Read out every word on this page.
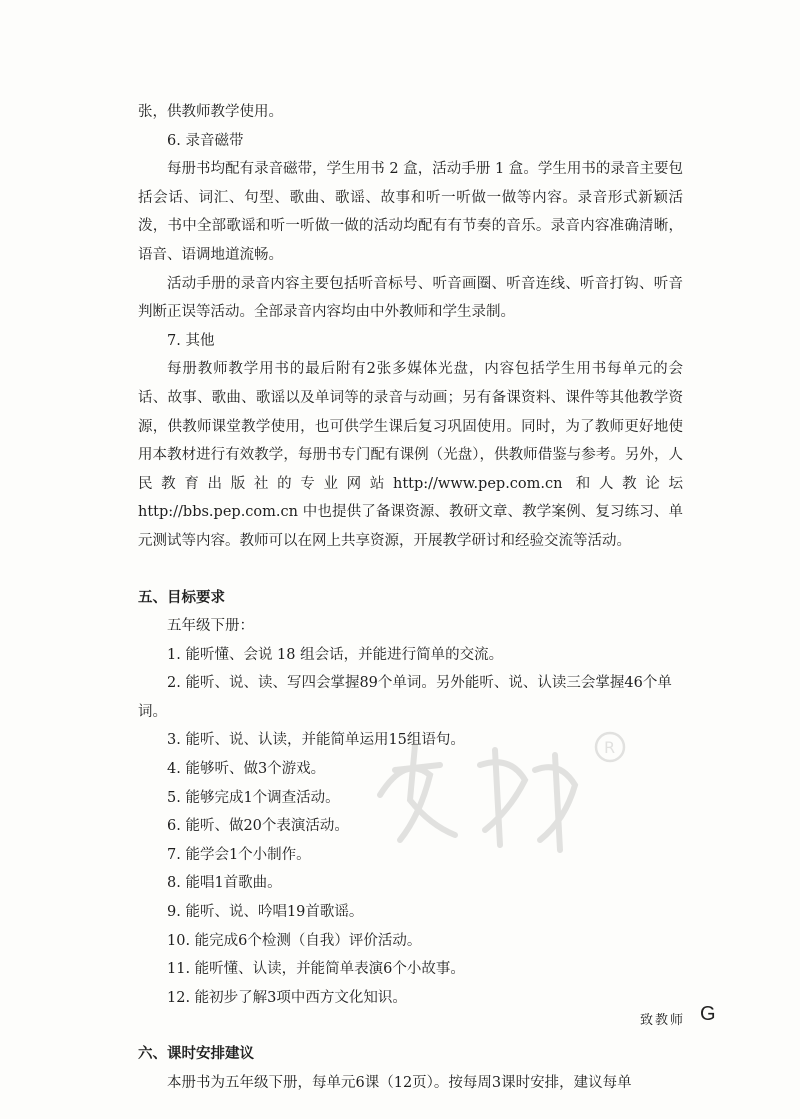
R

张，供教师教学使用。

6. 录音磁带

每册书均配有录音磁带，学生用书 2 盒，活动手册 1 盒。学生用书的录音主要包括会话、词汇、句型、歌曲、歌谣、故事和听一听做一做等内容。录音形式新颖活泼，书中全部歌谣和听一听做一做的活动均配有有节奏的音乐。录音内容准确清晰，语音、语调地道流畅。

活动手册的录音内容主要包括听音标号、听音画圈、听音连线、听音打钩、听音判断正误等活动。全部录音内容均由中外教师和学生录制。

7. 其他

每册教师教学用书的最后附有2张多媒体光盘，内容包括学生用书每单元的会话、故事、歌曲、歌谣以及单词等的录音与动画；另有备课资料、课件等其他教学资源，供教师课堂教学使用，也可供学生课后复习巩固使用。同时，为了教师更好地使用本教材进行有效教学，每册书专门配有课例（光盘），供教师借鉴与参考。另外，人民教育出版社的专业网站http://www.pep.com.cn 和人教论坛http://bbs.pep.com.cn 中也提供了备课资源、教研文章、教学案例、复习练习、单元测试等内容。教师可以在网上共享资源，开展教学研讨和经验交流等活动。

五、目标要求

五年级下册：

1. 能听懂、会说 18 组会话，并能进行简单的交流。

2. 能听、说、读、写四会掌握89个单词。另外能听、说、认读三会掌握46个单词。

3. 能听、说、认读，并能简单运用15组语句。

4. 能够听、做3个游戏。

5. 能够完成1个调查活动。

6. 能听、做20个表演活动。

7. 能学会1个小制作。

8. 能唱1首歌曲。

9. 能听、说、吟唱19首歌谣。

10. 能完成6个检测（自我）评价活动。

11. 能听懂、认读，并能简单表演6个小故事。

12. 能初步了解3项中西方文化知识。

六、课时安排建议

本册书为五年级下册，每单元6课（12页）。按每周3课时安排，建议每单

致教师 G
